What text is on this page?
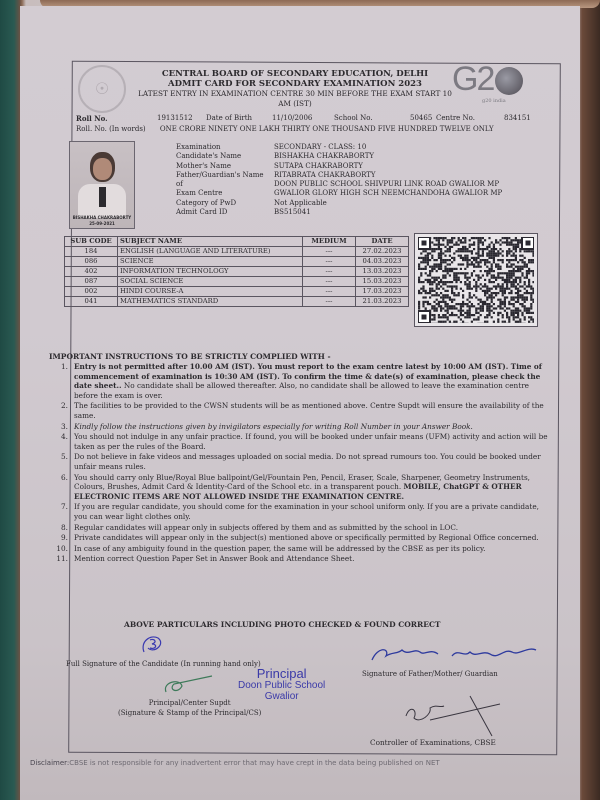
☉	G2
g20 india
CENTRAL BOARD OF SECONDARY EDUCATION, DELHI
ADMIT CARD FOR SECONDARY EXAMINATION 2023
LATEST ENTRY IN EXAMINATION CENTRE 30 MIN BEFORE THE EXAM START 10
AM (IST)
Roll No.	19131512 Date of Birth	11/10/2006	School No.	50465 Centre No.	834151
Roll. No. (In words) ONE CRORE NINETY ONE LAKH THIRTY ONE THOUSAND FIVE HUNDRED TWELVE ONLY
BISHAKHA CHAKRABORTY
25-09-2021
Examination	SECONDARY - CLASS: 10
Candidate's Name	BISHAKHA CHAKRABORTY
Mother's Name	SUTAPA CHAKRABORTY
Father/Guardian's Name	RITABRATA CHAKRABORTY
of	DOON PUBLIC SCHOOL SHIVPURI LINK ROAD GWALIOR MP
Exam Centre	GWALIOR GLORY HIGH SCH NEEMCHANDOHA GWALIOR MP
Category of PwD	Not Applicable
Admit Card ID	BS515041
SUB CODE	SUBJECT NAME	MEDIUM	DATE
184	ENGLISH (LANGUAGE AND LITERATURE)	---	27.02.2023
086	SCIENCE	---	04.03.2023
402	INFORMATION TECHNOLOGY	---	13.03.2023
087	SOCIAL SCIENCE	---	15.03.2023
002	HINDI COURSE-A	---	17.03.2023
041	MATHEMATICS STANDARD	---	21.03.2023
IMPORTANT INSTRUCTIONS TO BE STRICTLY COMPLIED WITH -
1. Entry is not permitted after 10.00 AM (IST). You must report to the exam centre latest by 10:00 AM (IST). Time of commencement of examination is 10:30 AM (IST). To confirm the time & date(s) of examination, please check the date sheet.. No candidate shall be allowed thereafter. Also, no candidate shall be allowed to leave the examination centre before the exam is over.
2. The facilities to be provided to the CWSN students will be as mentioned above. Centre Supdt will ensure the availability of the same.
3. Kindly follow the instructions given by invigilators especially for writing Roll Number in your Answer Book.
4. You should not indulge in any unfair practice. If found, you will be booked under unfair means (UFM) activity and action will be taken as per the rules of the Board.
5. Do not believe in fake videos and messages uploaded on social media. Do not spread rumours too. You could be booked under unfair means rules.
6. You should carry only Blue/Royal Blue ballpoint/Gel/Fountain Pen, Pencil, Eraser, Scale, Sharpener, Geometry Instruments, Colours, Brushes, Admit Card & Identity-Card of the School etc. in a transparent pouch. MOBILE, ChatGPT & OTHER ELECTRONIC ITEMS ARE NOT ALLOWED INSIDE THE EXAMINATION CENTRE.
7. If you are regular candidate, you should come for the examination in your school uniform only. If you are a private candidate, you can wear light clothes only.
8. Regular candidates will appear only in subjects offered by them and as submitted by the school in LOC.
9. Private candidates will appear only in the subject(s) mentioned above or specifically permitted by Regional Office concerned.
10. In case of any ambiguity found in the question paper, the same will be addressed by the CBSE as per its policy.
11. Mention correct Question Paper Set in Answer Book and Attendance Sheet.
ABOVE PARTICULARS INCLUDING PHOTO CHECKED & FOUND CORRECT
Full Signature of the Candidate (In running hand only)
Signature of Father/Mother/ Guardian
Principal/Center Supdt
(Signature & Stamp of the Principal/CS)
Principal
Doon Public School
Gwalior
Controller of Examinations, CBSE
Disclaimer:CBSE is not responsible for any inadvertent error that may have crept in the data being published on NET
